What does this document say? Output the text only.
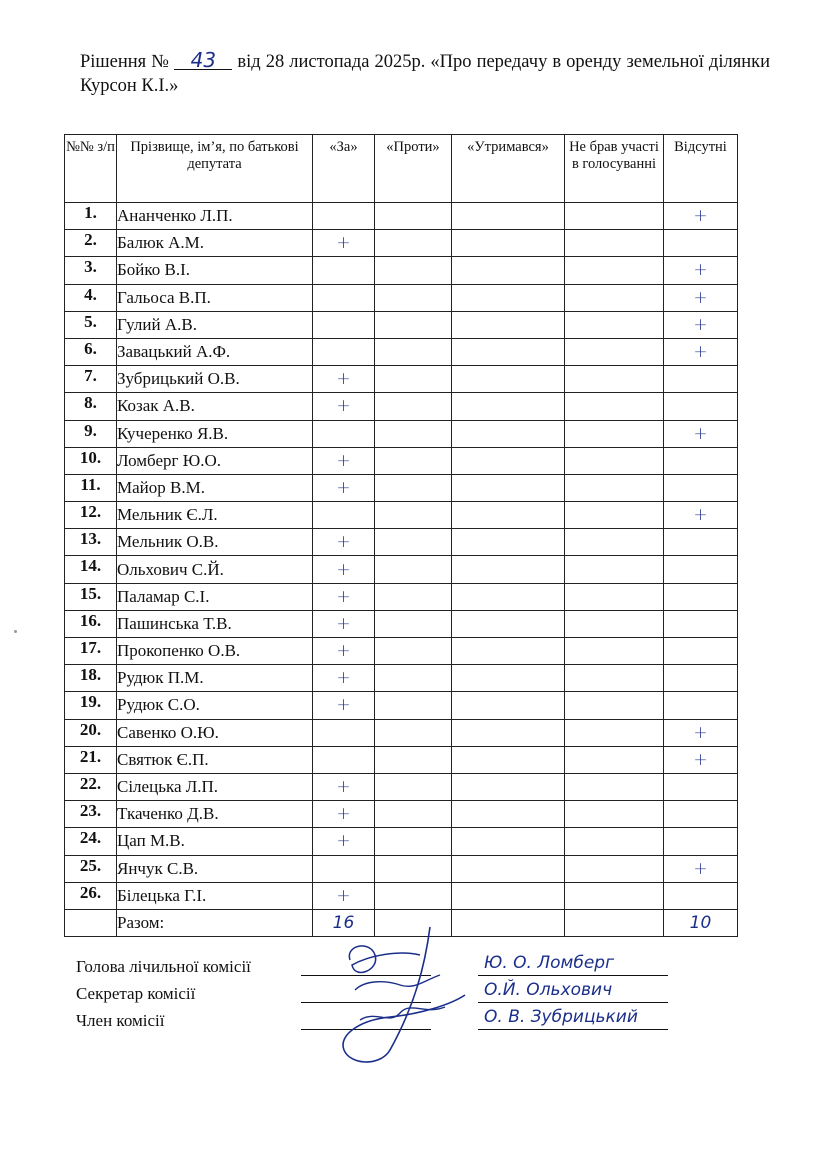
Рішення № 43 від 28 листопада 2025р. «Про передачу в оренду земельної ділянки Курсон К.І.»
№№ з/п	Прізвище, ім’я, по батькові депутата	«За»	«Проти»	«Утримався»	Не брав участі в голосуванні	Відсутні
1.	Ананченко Л.П.					+
2.	Балюк А.М.	+				
3.	Бойко В.І.					+
4.	Гальоса В.П.					+
5.	Гулий А.В.					+
6.	Завацький А.Ф.					+
7.	Зубрицький О.В.	+				
8.	Козак А.В.	+				
9.	Кучеренко Я.В.					+
10.	Ломберг Ю.О.	+				
11.	Майор В.М.	+				
12.	Мельник Є.Л.					+
13.	Мельник О.В.	+				
14.	Ольхович С.Й.	+				
15.	Паламар С.І.	+				
16.	Пашинська Т.В.	+				
17.	Прокопенко О.В.	+				
18.	Рудюк П.М.	+				
19.	Рудюк С.О.	+				
20.	Савенко О.Ю.					+
21.	Святюк Є.П.					+
22.	Сілецька Л.П.	+				
23.	Ткаченко Д.В.	+				
24.	Цап М.В.	+				
25.	Янчук С.В.					+
26.	Білецька Г.І.	+				
	Разом:	16				10
Голова лічильної комісії	Ю. О. Ломберг
Секретар комісії	О.Й. Ольхович
Член комісії	О. В. Зубрицький
